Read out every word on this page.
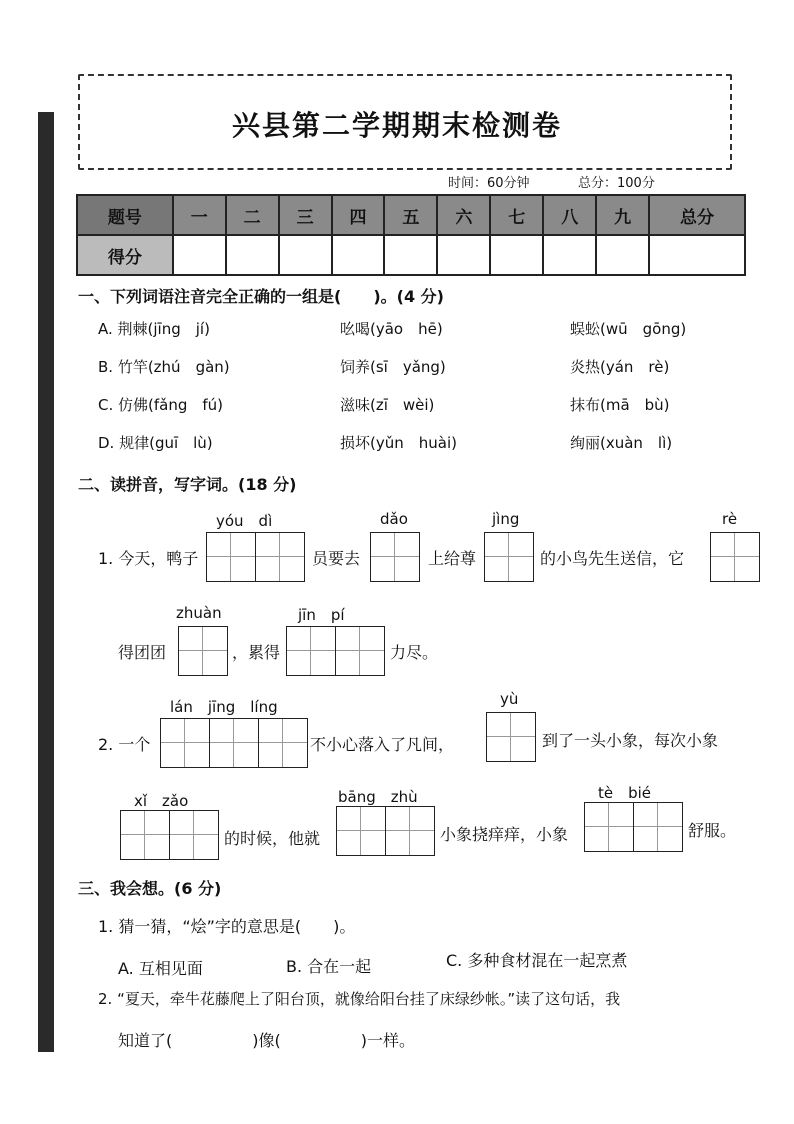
兴县第二学期期末检测卷
时间：60分钟	总分：100分
题号	一	二	三	四	五	六	七	八	九	总分
得分										
一、下列词语注音完全正确的一组是(　　)。(4 分)
A. 荆棘(jīng　jí)	吆喝(yāo　hē)	蜈蚣(wū　gōng)
B. 竹竿(zhú　gàn)	饲养(sī　yǎng)	炎热(yán　rè)
C. 仿佛(fǎng　fú)	滋味(zī　wèi)	抹布(mā　bù)
D. 规律(guī　lù)	损坏(yǔn　huài)	绚丽(xuàn　lì)
二、读拼音，写字词。(18 分)
1. 今天，鸭子
yóu　dì
员要去
dǎo
上给尊
jìng
的小鸟先生送信，它
rè
得团团
zhuàn
，累得
jīn　pí
力尽。
2. 一个
lán　jīng　líng
不小心落入了凡间，
yù
到了一头小象，每次小象
xǐ　zǎo
的时候，他就
bāng　zhù
小象挠痒痒，小象
tè　bié
舒服。
三、我会想。(6 分)
1. 猜一猜，“烩”字的意思是(　　)。
A. 互相见面	B. 合在一起	C. 多种食材混在一起烹煮
2. “夏天，牵牛花藤爬上了阳台顶，就像给阳台挂了床绿纱帐。”读了这句话，我
知道了(　　　　　)像(　　　　　)一样。
